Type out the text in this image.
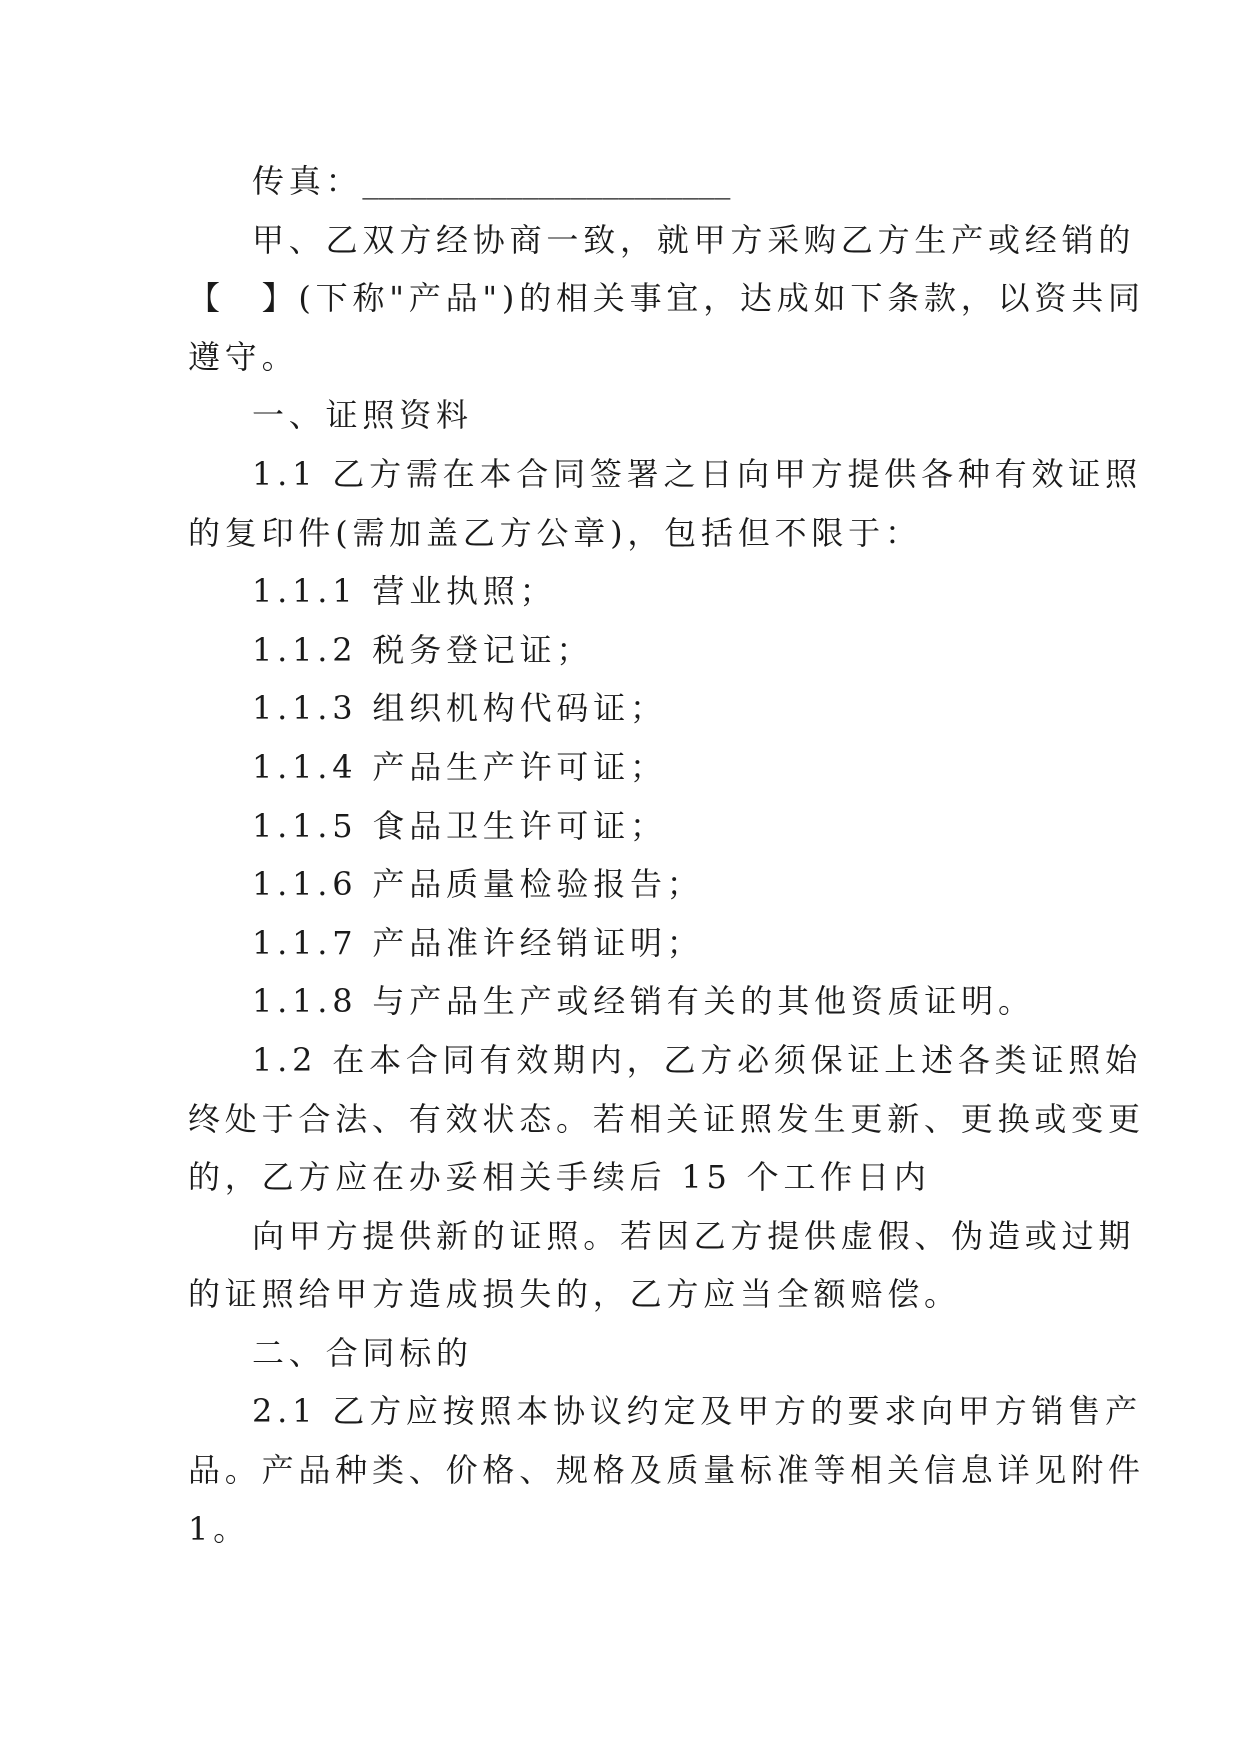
传真：_______________________

甲、乙双方经协商一致，就甲方采购乙方生产或经销的
【　】(下称"产品")的相关事宜，达成如下条款，以资共同
遵守。

一、证照资料

1.1 乙方需在本合同签署之日向甲方提供各种有效证照
的复印件(需加盖乙方公章)，包括但不限于：

1.1.1 营业执照；
1.1.2 税务登记证；
1.1.3 组织机构代码证；
1.1.4 产品生产许可证；
1.1.5 食品卫生许可证；
1.1.6 产品质量检验报告；
1.1.7 产品准许经销证明；
1.1.8 与产品生产或经销有关的其他资质证明。

1.2 在本合同有效期内，乙方必须保证上述各类证照始
终处于合法、有效状态。若相关证照发生更新、更换或变更
的，乙方应在办妥相关手续后 15 个工作日内

向甲方提供新的证照。若因乙方提供虚假、伪造或过期
的证照给甲方造成损失的，乙方应当全额赔偿。

二、合同标的

2.1 乙方应按照本协议约定及甲方的要求向甲方销售产
品。产品种类、价格、规格及质量标准等相关信息详见附件
1。
